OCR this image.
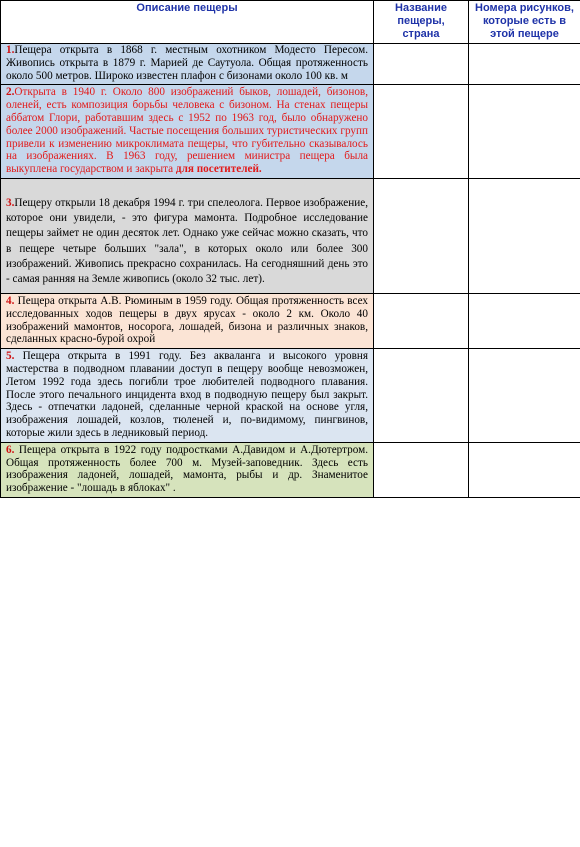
Описание пещеры	Название пещеры, страна	Номера рисунков, которые есть в этой пещере
1.Пещера открыта в 1868 г. местным охотником Модесто Пересом. Живопись открыта в 1879 г. Марией де Саутуола. Общая протяженность около 500 метров. Широко известен плафон с бизонами около 100 кв. м		
2.Открыта в 1940 г. Около 800 изображений быков, лошадей, бизонов, оленей, есть композиция борьбы человека с бизоном. На стенах пещеры аббатом Глори, работавшим здесь с 1952 по 1963 год, было обнаружено более 2000 изображений. Частые посещения больших туристических групп привели к изменению микроклимата пещеры, что губительно сказывалось на изображениях. В 1963 году, решением министра пещера была выкуплена государством и закрыта для посетителей.		
3.Пещеру открыли 18 декабря 1994 г. три спелеолога. Первое изображение, которое они увидели, - это фигура мамонта. Подробное исследование пещеры займет не один десяток лет. Однако уже сейчас можно сказать, что в пещере четыре больших "зала", в которых около или более 300 изображений. Живопись прекрасно сохранилась. На сегодняшний день это - самая ранняя на Земле живопись (около 32 тыс. лет).		
4. Пещера открыта А.В. Рюминым в 1959 году. Общая протяженность всех исследованных ходов пещеры в двух ярусах - около 2 км. Около 40 изображений мамонтов, носорога, лошадей, бизона и различных знаков, сделанных красно-бурой охрой		
5. Пещера открыта в 1991 году. Без акваланга и высокого уровня мастерства в подводном плавании доступ в пещеру вообще невозможен, Летом 1992 года здесь погибли трое любителей подводного плавания. После этого печального инцидента вход в подводную пещеру был закрыт. Здесь - отпечатки ладоней, сделанные черной краской на основе угля, изображения лошадей, козлов, тюленей и, по-видимому, пингвинов, которые жили здесь в ледниковый период.		
6. Пещера открыта в 1922 году подростками А.Давидом и А.Дютертром. Общая протяженность более 700 м. Музей-заповедник. Здесь есть изображения ладоней, лошадей, мамонта, рыбы и др. Знаменитое изображение - "лошадь в яблоках" .		
